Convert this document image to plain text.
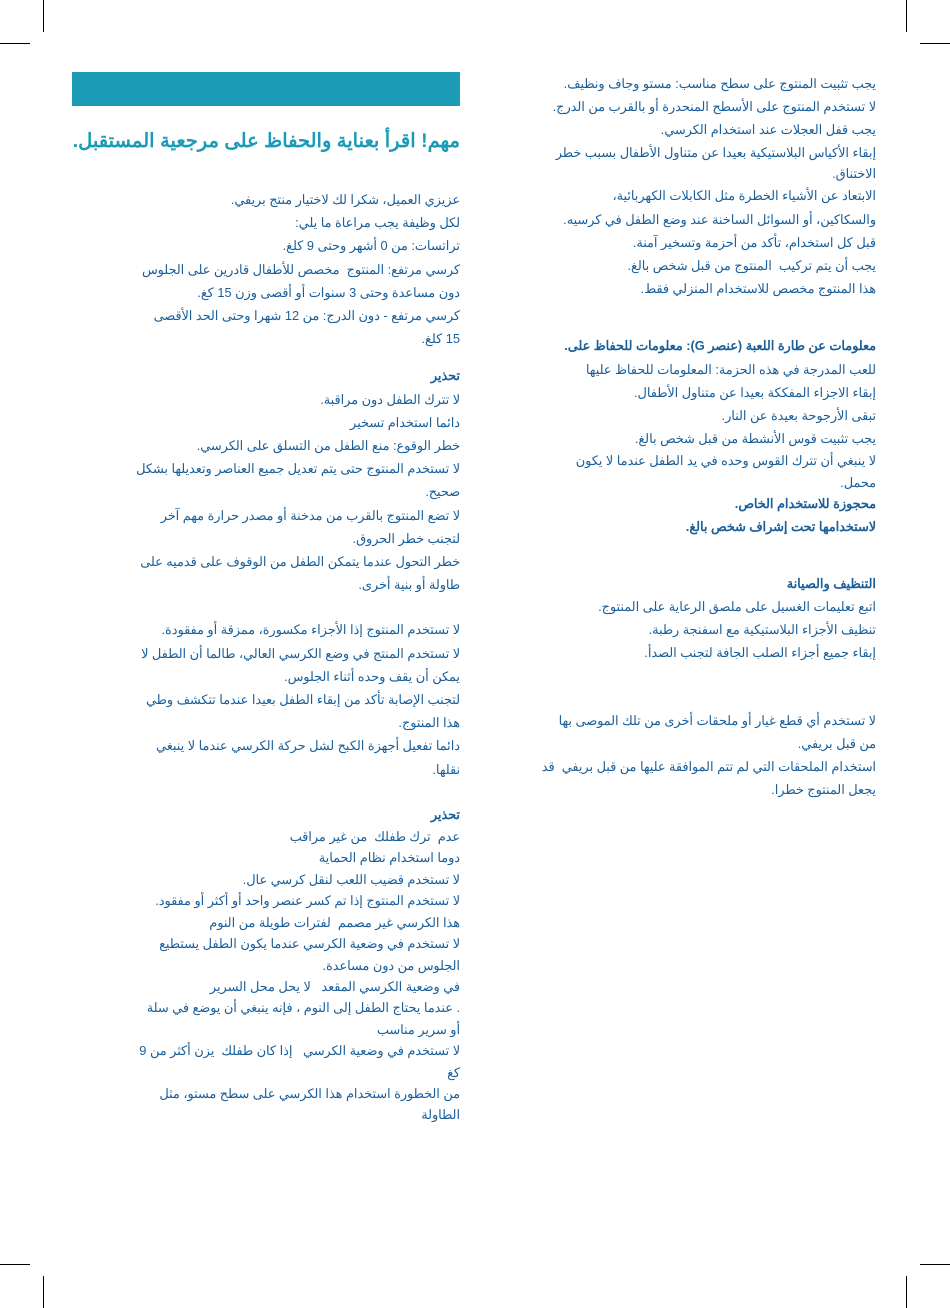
مهم! اقرأ بعناية والحفاظ على مرجعية المستقبل.

عزيزي العميل، شكرا لك لاختيار منتج بريفي.

لكل وظيفة يجب مراعاة ما يلي:

تراتسات: من 0 أشهر وحتى 9 كلغ.

كرسي مرتفع: المنتوج  مخصص للأطفال قادرين على الجلوس

دون مساعدة وحتى 3 سنوات أو أقصى وزن 15 كغ.

كرسي مرتفع - دون الدرج: من 12 شهرا وحتى الحد الأقصى

15 كلغ.

تحذير

لا تترك الطفل دون مراقبة.

دائما استخدام تسخير

خطر الوقوع: منع الطفل من التسلق على الكرسي.

لا تستخدم المنتوج حتى يتم تعديل جميع العناصر وتعديلها بشكل

صحيح.

لا تضع المنتوج بالقرب من مدخنة أو مصدر حرارة مهم آخر

لتجنب خطر الحروق.

خطر التحول عندما يتمكن الطفل من الوقوف على قدميه على

طاولة أو بنية أخرى.

لا تستخدم المنتوج إذا الأجزاء مكسورة، ممزقة أو مفقودة.

لا تستخدم المنتج في وضع الكرسي العالي، طالما أن الطفل لا

يمكن أن يقف وحده أثناء الجلوس.

لتجنب الإصابة تأكد من إبقاء الطفل بعيدا عندما تتكشف وطي

هذا المنتوج.

دائما تفعيل أجهزة الكبح لشل حركة الكرسي عندما لا ينبغي

نقلها.

تحذير

عدم  ترك طفلك  من غير مراقب

دوما استخدام نظام الحماية

لا تستخدم قضيب اللعب لنقل كرسي عال.

لا تستخدم المنتوج إذا تم كسر عنصر واحد أو أكثر أو مفقود.

هذا الكرسي غير مصمم  لفترات طويلة من النوم

لا تستخدم في وضعية الكرسي عندما يكون الطفل يستطيع

الجلوس من دون مساعدة.

في وضعية الكرسي المقعد   لا يحل محل السرير

. عندما يحتاج الطفل إلى النوم ، فإنه ينبغي أن يوضع في سلة

أو سرير مناسب

لا تستخدم في وضعية الكرسي   إذا كان طفلك  يزن أكثر من 9

كغ

من الخطورة استخدام هذا الكرسي على سطح مستو، مثل

الطاولة

يجب تثبيت المنتوج على سطح مناسب: مستو وجاف ونظيف.

لا تستخدم المنتوج على الأسطح المنحدرة أو بالقرب من الدرج.

يجب قفل العجلات عند استخدام الكرسي.

إبقاء الأكياس البلاستيكية بعيدا عن متناول الأطفال بسبب خطر

الاختناق.

الابتعاد عن الأشياء الخطرة مثل الكابلات الكهربائية،

والسكاكين، أو السوائل الساخنة عند وضع الطفل في كرسيه.

قبل كل استخدام، تأكد من أحزمة وتسخير آمنة.

يجب أن يتم تركيب  المنتوج من قبل شخص بالغ.

هذا المنتوج مخصص للاستخدام المنزلي فقط.

معلومات عن طارة اللعبة (عنصر G): معلومات للحفاظ على.

للعب المدرجة في هذه الحزمة: المعلومات للحفاظ عليها

إبقاء الاجزاء المفككة بعيدا عن متناول الأطفال.

تبقى الأرجوحة بعيدة عن النار.

يجب تثبيت قوس الأنشطة من قبل شخص بالغ.

لا ينبغي أن تترك القوس وحده في يد الطفل عندما لا يكون

محمل.

محجوزة للاستخدام الخاص.

لاستخدامها تحت إشراف شخص بالغ.

التنظيف والصيانة

اتبع تعليمات الغسيل على ملصق الرعاية على المنتوج.

تنظيف الأجزاء البلاستيكية مع اسفنجة رطبة.

إبقاء جميع أجزاء الصلب الجافة لتجنب الصدأ.

لا تستخدم أي قطع غيار أو ملحقات أخرى من تلك الموصى بها

من قبل بريفي.

استخدام الملحقات التي لم تتم الموافقة عليها من قبل بريفي  قد

يجعل المنتوج خطرا.
